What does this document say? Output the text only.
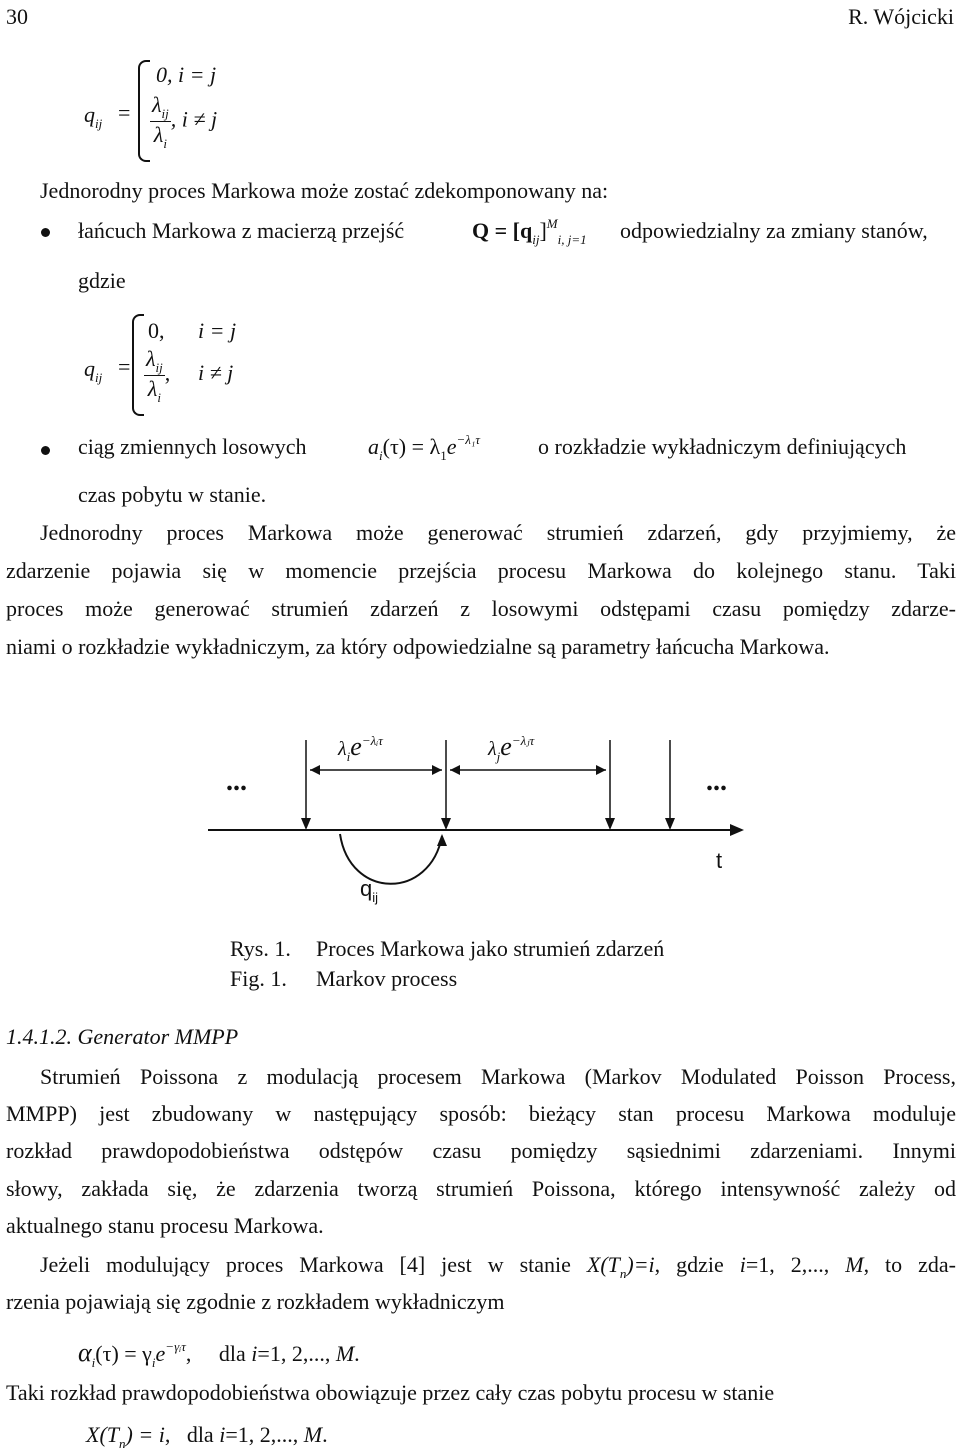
30	R. Wójcicki
$q_{ij}$ =
0, i = j
$\frac{\lambda_{ij}}{\lambda_i}$ , i ≠ j
Jednorodny proces Markowa może zostać zdekomponowany na:
łańcuch Markowa z macierzą przejść	$Q = [q_{ij}]^M_{i, j=1}$ odpowiedzialny za zmiany stanów,
gdzie
$q_{ij}$ =
0, i = j
$\frac{\lambda_{ij}}{\lambda_i}$ , i ≠ j
ciąg zmiennych losowych	$a_i(\tau) = \lambda_1e^{-\lambda_1\tau}$	o rozkładzie wykładniczym definiujących
czas pobytu w stanie.
Jednorodny proces Markowa może generować strumień zdarzeń, gdy przyjmiemy, że
zdarzenie pojawia się w momencie przejścia procesu Markowa do kolejnego stanu. Taki
proces może generować strumień zdarzeń z losowymi odstępami czasu pomiędzy zdarze-
niami o rozkładzie wykładniczym, za który odpowiedzialne są parametry łańcucha Markowa.
$\lambda_ie^{-\lambda ᵢ\tau}$	$\lambda_je^{-\lambda ⱼ\tau}$
...	...
t
$q_{ij}$
Rys. 1. Proces Markowa jako strumień zdarzeń
Fig. 1. Markov process
1.4.1.2. Generator MMPP
Strumień Poissona z modulacją procesem Markowa (Markov Modulated Poisson Process,
MMPP) jest zbudowany w następujący sposób: bieżący stan procesu Markowa moduluje
rozkład prawdopodobieństwa odstępów czasu pomiędzy sąsiednimi zdarzeniami. Innymi
słowy, zakłada się, że zdarzenia tworzą strumień Poissona, którego intensywność zależy od
aktualnego stanu procesu Markowa.
Jeżeli modulujący proces Markowa [4] jest w stanie $X(T_n)=i$, gdzie i=1, 2,..., M, to zda-
rzenia pojawiają się zgodnie z rozkładem wykładniczym
$\alpha_i(\tau) = \gamma_ie^{-\gamma ᵢ\tau}$,     dla i=1, 2,..., M.
Taki rozkład prawdopodobieństwa obowiązuje przez cały czas pobytu procesu w stanie
$X(T_n) = i$,   dla i=1, 2,..., M.
